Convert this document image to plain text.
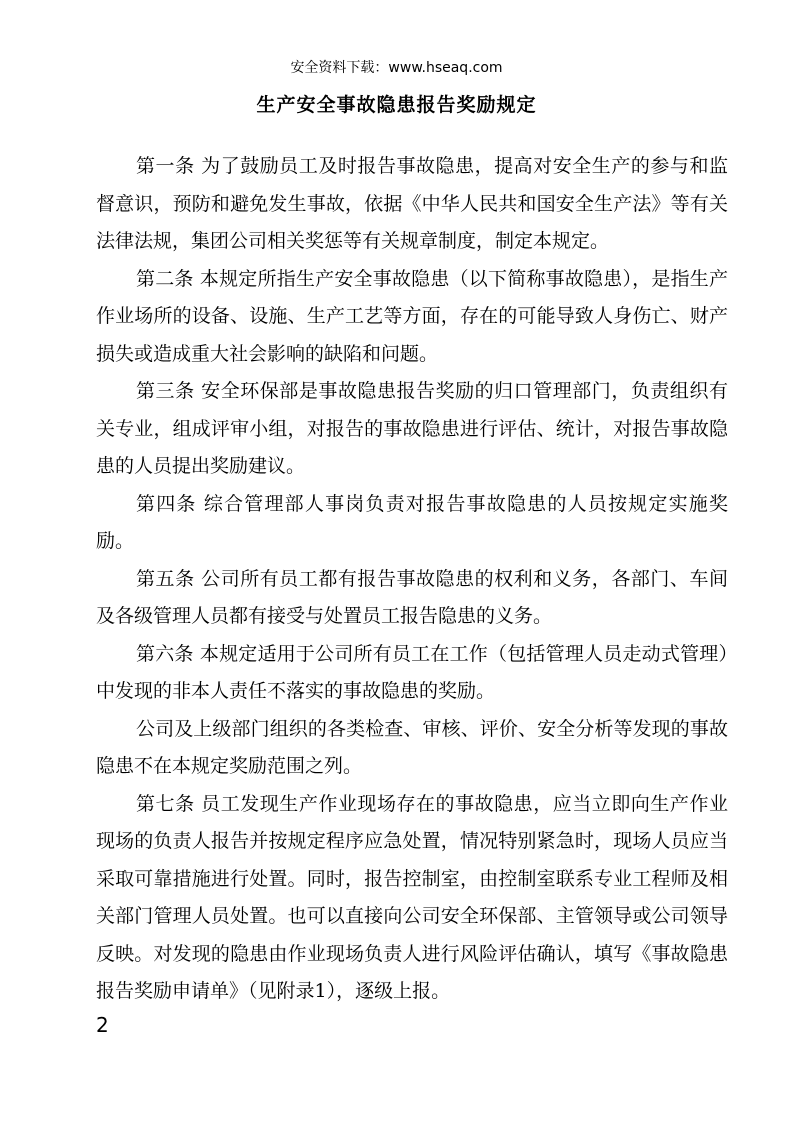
安全资料下载：www.hseaq.com
生产安全事故隐患报告奖励规定

第一条 为了鼓励员工及时报告事故隐患，提高对安全生产的参与和监督意识，预防和避免发生事故，依据《中华人民共和国安全生产法》等有关法律法规，集团公司相关奖惩等有关规章制度，制定本规定。

第二条 本规定所指生产安全事故隐患（以下简称事故隐患），是指生产作业场所的设备、设施、生产工艺等方面，存在的可能导致人身伤亡、财产损失或造成重大社会影响的缺陷和问题。

第三条 安全环保部是事故隐患报告奖励的归口管理部门，负责组织有关专业，组成评审小组，对报告的事故隐患进行评估、统计，对报告事故隐患的人员提出奖励建议。

第四条 综合管理部人事岗负责对报告事故隐患的人员按规定实施奖励。

第五条 公司所有员工都有报告事故隐患的权利和义务，各部门、车间及各级管理人员都有接受与处置员工报告隐患的义务。

第六条 本规定适用于公司所有员工在工作（包括管理人员走动式管理）中发现的非本人责任不落实的事故隐患的奖励。

公司及上级部门组织的各类检查、审核、评价、安全分析等发现的事故隐患不在本规定奖励范围之列。

第七条 员工发现生产作业现场存在的事故隐患，应当立即向生产作业现场的负责人报告并按规定程序应急处置，情况特别紧急时，现场人员应当采取可靠措施进行处置。同时，报告控制室，由控制室联系专业工程师及相关部门管理人员处置。也可以直接向公司安全环保部、主管领导或公司领导反映。对发现的隐患由作业现场负责人进行风险评估确认，填写《事故隐患报告奖励申请单》（见附录1），逐级上报。

2
